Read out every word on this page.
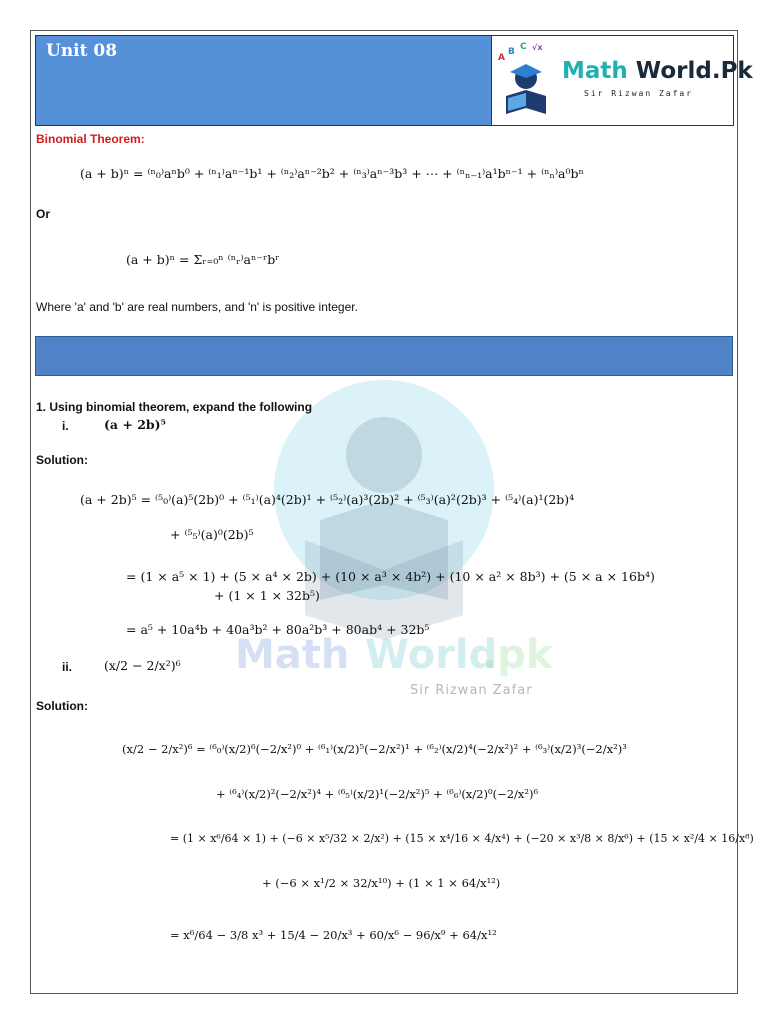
Math World
.pk
Sir Rizwan Zafar
Unit 08	A
B C √x
Math World.Pk
Sir Rizwan Zafar
Binomial Theorem:
(a + b)ⁿ = ⁽ⁿ₀⁾aⁿb⁰ + ⁽ⁿ₁⁾aⁿ⁻¹b¹ + ⁽ⁿ₂⁾aⁿ⁻²b² + ⁽ⁿ₃⁾aⁿ⁻³b³ + ⋯ + ⁽ⁿₙ₋₁⁾a¹bⁿ⁻¹ + ⁽ⁿₙ⁾a⁰bⁿ
Or
(a + b)ⁿ = Σᵣ₌₀ⁿ ⁽ⁿᵣ⁾aⁿ⁻ʳbʳ
Where 'a' and 'b' are real numbers, and 'n' is positive integer.
1. Using binomial theorem, expand the following
i.	(a + 2b)⁵
Solution:
(a + 2b)⁵ = ⁽⁵₀⁾(a)⁵(2b)⁰ + ⁽⁵₁⁾(a)⁴(2b)¹ + ⁽⁵₂⁾(a)³(2b)² + ⁽⁵₃⁾(a)²(2b)³ + ⁽⁵₄⁾(a)¹(2b)⁴
+ ⁽⁵₅⁾(a)⁰(2b)⁵
= (1 × a⁵ × 1) + (5 × a⁴ × 2b) + (10 × a³ × 4b²) + (10 × a² × 8b³) + (5 × a × 16b⁴)
+ (1 × 1 × 32b⁵)
= a⁵ + 10a⁴b + 40a³b² + 80a²b³ + 80ab⁴ + 32b⁵
ii.	(x/2 − 2/x²)⁶
Solution:
(x/2 − 2/x²)⁶ = ⁽⁶₀⁾(x/2)⁶(−2/x²)⁰ + ⁽⁶₁⁾(x/2)⁵(−2/x²)¹ + ⁽⁶₂⁾(x/2)⁴(−2/x²)² + ⁽⁶₃⁾(x/2)³(−2/x²)³
+ ⁽⁶₄⁾(x/2)²(−2/x²)⁴ + ⁽⁶₅⁾(x/2)¹(−2/x²)⁵ + ⁽⁶₆⁾(x/2)⁰(−2/x²)⁶
= (1 × x⁶/64 × 1) + (−6 × x⁵/32 × 2/x²) + (15 × x⁴/16 × 4/x⁴) + (−20 × x³/8 × 8/x⁶) + (15 × x²/4 × 16/x⁸)
+ (−6 × x¹/2 × 32/x¹⁰) + (1 × 1 × 64/x¹²)
= x⁶/64 − 3/8 x³ + 15/4 − 20/x³ + 60/x⁶ − 96/x⁹ + 64/x¹²
